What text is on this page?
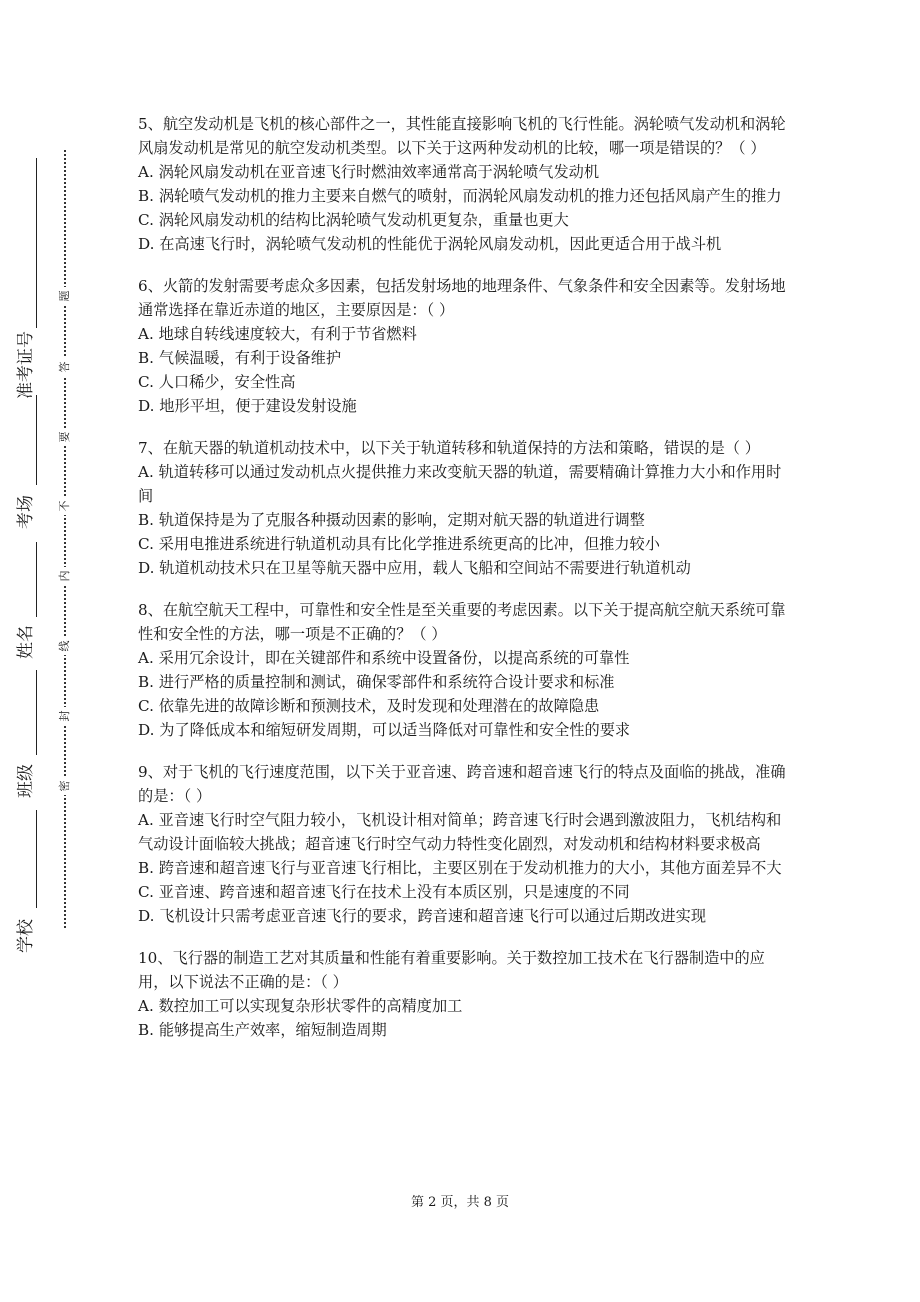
准考证号
考场
姓名
班级
学校
题
答
要
不
内
线
封
密

5、航空发动机是飞机的核心部件之一，其性能直接影响飞机的飞行性能。涡轮喷气发动机和涡轮风扇发动机是常见的航空发动机类型。以下关于这两种发动机的比较，哪一项是错误的？（ ）

A. 涡轮风扇发动机在亚音速飞行时燃油效率通常高于涡轮喷气发动机

B. 涡轮喷气发动机的推力主要来自燃气的喷射，而涡轮风扇发动机的推力还包括风扇产生的推力

C. 涡轮风扇发动机的结构比涡轮喷气发动机更复杂，重量也更大

D. 在高速飞行时，涡轮喷气发动机的性能优于涡轮风扇发动机，因此更适合用于战斗机

6、火箭的发射需要考虑众多因素，包括发射场地的地理条件、气象条件和安全因素等。发射场地通常选择在靠近赤道的地区，主要原因是：（ ）

A. 地球自转线速度较大，有利于节省燃料

B. 气候温暖，有利于设备维护

C. 人口稀少，安全性高

D. 地形平坦，便于建设发射设施

7、在航天器的轨道机动技术中，以下关于轨道转移和轨道保持的方法和策略，错误的是（ ）

A. 轨道转移可以通过发动机点火提供推力来改变航天器的轨道，需要精确计算推力大小和作用时间

B. 轨道保持是为了克服各种摄动因素的影响，定期对航天器的轨道进行调整

C. 采用电推进系统进行轨道机动具有比化学推进系统更高的比冲，但推力较小

D. 轨道机动技术只在卫星等航天器中应用，载人飞船和空间站不需要进行轨道机动

8、在航空航天工程中，可靠性和安全性是至关重要的考虑因素。以下关于提高航空航天系统可靠性和安全性的方法，哪一项是不正确的？（ ）

A. 采用冗余设计，即在关键部件和系统中设置备份，以提高系统的可靠性

B. 进行严格的质量控制和测试，确保零部件和系统符合设计要求和标准

C. 依靠先进的故障诊断和预测技术，及时发现和处理潜在的故障隐患

D. 为了降低成本和缩短研发周期，可以适当降低对可靠性和安全性的要求

9、对于飞机的飞行速度范围，以下关于亚音速、跨音速和超音速飞行的特点及面临的挑战，准确的是：（ ）

A. 亚音速飞行时空气阻力较小，飞机设计相对简单；跨音速飞行时会遇到激波阻力，飞机结构和气动设计面临较大挑战；超音速飞行时空气动力特性变化剧烈，对发动机和结构材料要求极高

B. 跨音速和超音速飞行与亚音速飞行相比，主要区别在于发动机推力的大小，其他方面差异不大

C. 亚音速、跨音速和超音速飞行在技术上没有本质区别，只是速度的不同

D. 飞机设计只需考虑亚音速飞行的要求，跨音速和超音速飞行可以通过后期改进实现

10、飞行器的制造工艺对其质量和性能有着重要影响。关于数控加工技术在飞行器制造中的应用，以下说法不正确的是：（ ）

A. 数控加工可以实现复杂形状零件的高精度加工

B. 能够提高生产效率，缩短制造周期

第 2 页，共 8 页
